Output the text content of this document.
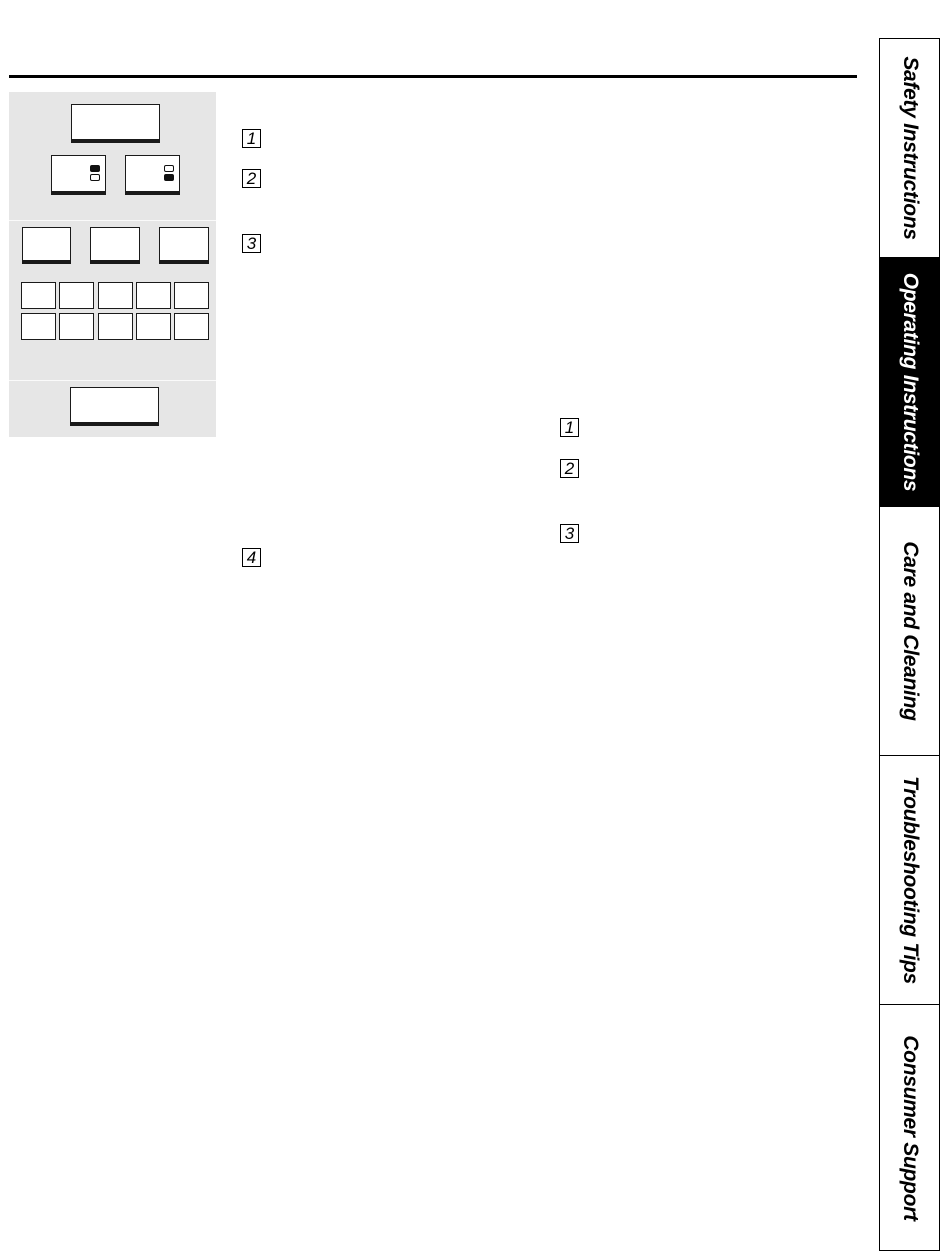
1
2
3
4
1
2
3
Safety Instructions
Operating Instructions
Care and Cleaning
Troubleshooting Tips
Consumer Support
